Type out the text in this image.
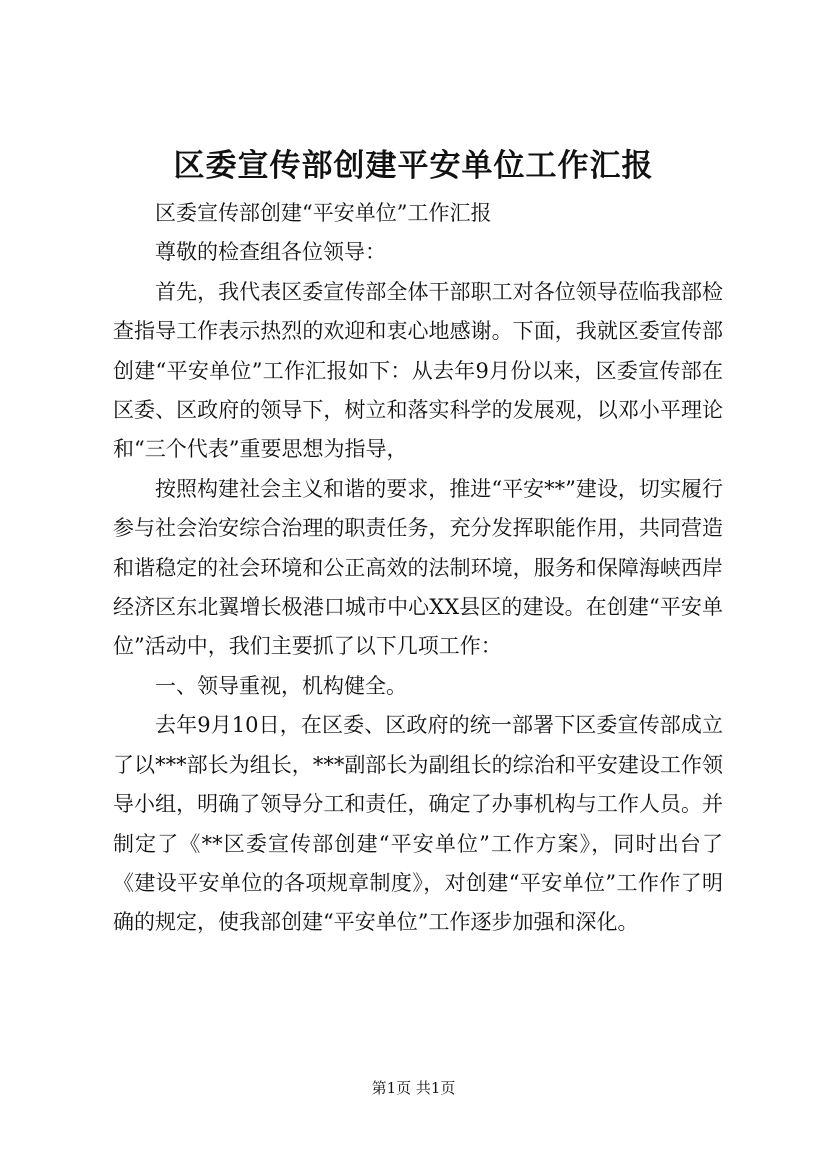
区委宣传部创建平安单位工作汇报

区委宣传部创建“平安单位”工作汇报

尊敬的检查组各位领导：

首先，我代表区委宣传部全体干部职工对各位领导莅临我部检查指导工作表示热烈的欢迎和衷心地感谢。下面，我就区委宣传部创建“平安单位”工作汇报如下：从去年9月份以来，区委宣传部在区委、区政府的领导下，树立和落实科学的发展观，以邓小平理论和“三个代表”重要思想为指导，

按照构建社会主义和谐的要求，推进“平安**”建设，切实履行参与社会治安综合治理的职责任务，充分发挥职能作用，共同营造和谐稳定的社会环境和公正高效的法制环境，服务和保障海峡西岸经济区东北翼增长极港口城市中心XX县区的建设。在创建“平安单位”活动中，我们主要抓了以下几项工作：

一、领导重视，机构健全。

去年9月10日，在区委、区政府的统一部署下区委宣传部成立了以***部长为组长，***副部长为副组长的综治和平安建设工作领导小组，明确了领导分工和责任，确定了办事机构与工作人员。并制定了《**区委宣传部创建“平安单位”工作方案》，同时出台了《建设平安单位的各项规章制度》，对创建“平安单位”工作作了明确的规定，使我部创建“平安单位”工作逐步加强和深化。

第1页 共1页
